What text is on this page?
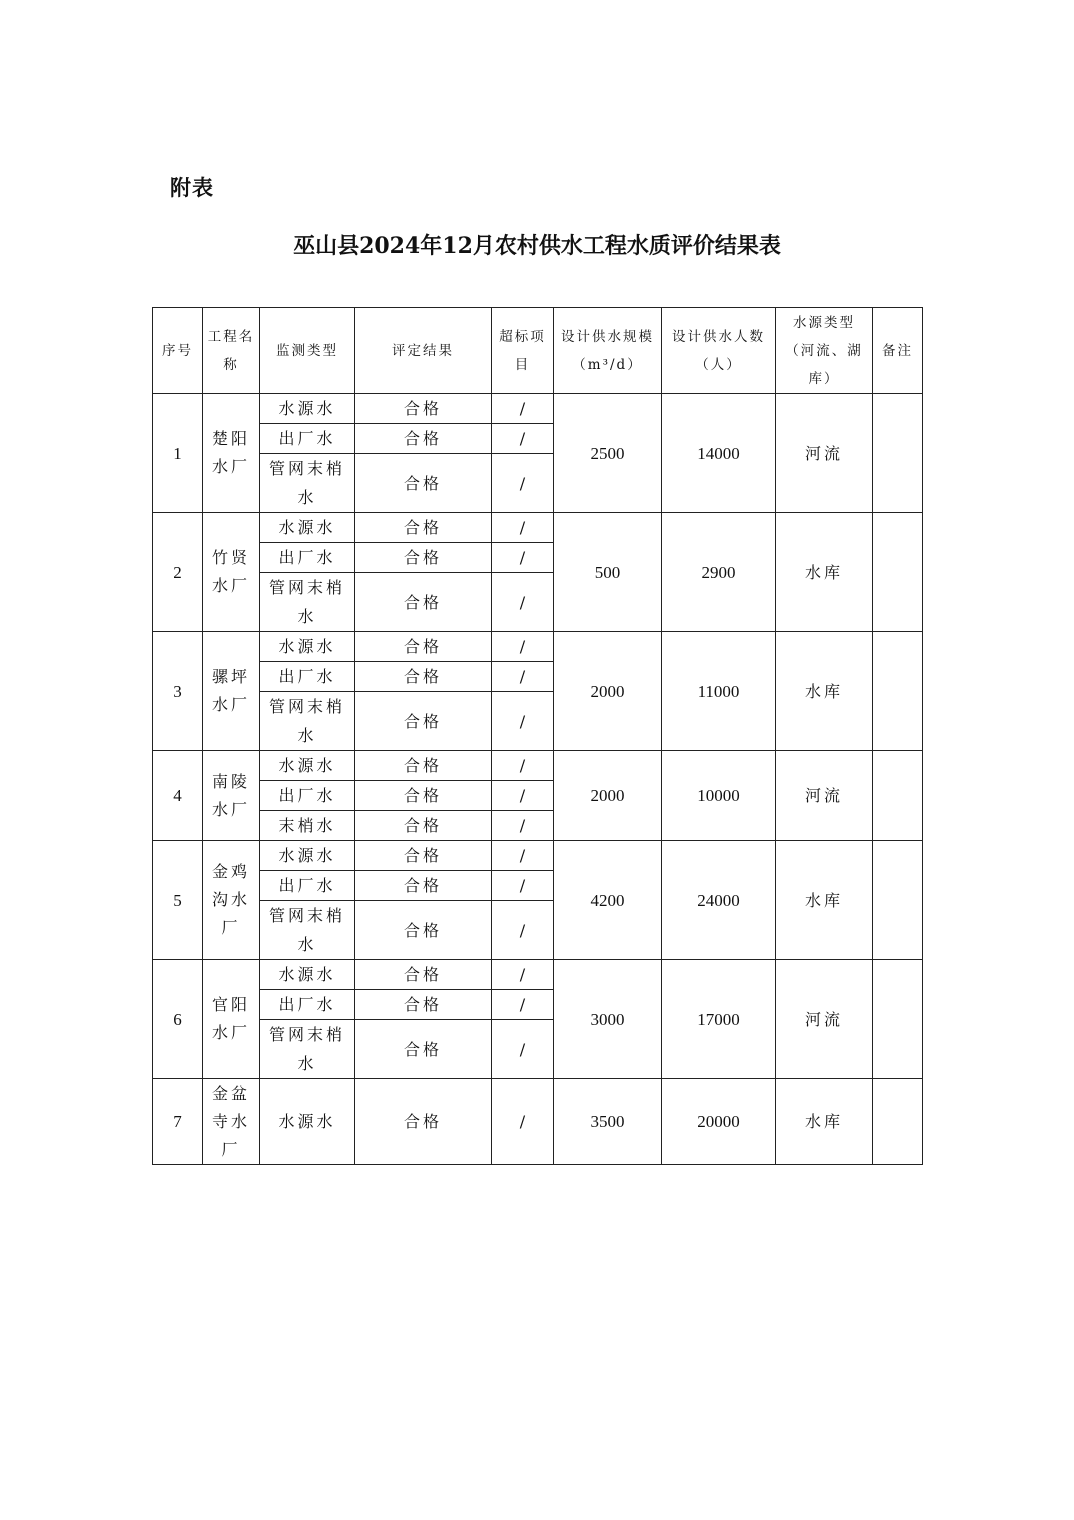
附表
巫山县2024年12月农村供水工程水质评价结果表
序号	工程名称	监测类型	评定结果	超标项目	设计供水规模（m³/d）	设计供水人数（人）	水源类型（河流、湖库）	备注
1	楚阳水厂	水源水	合格	/	2500	14000	河流	
		出厂水	合格	/				
		管网末梢水	合格	/				
2	竹贤水厂	水源水	合格	/	500	2900	水库	
		出厂水	合格	/				
		管网末梢水	合格	/				
3	骡坪水厂	水源水	合格	/	2000	11000	水库	
		出厂水	合格	/				
		管网末梢水	合格	/				
4	南陵水厂	水源水	合格	/	2000	10000	河流	
		出厂水	合格	/				
		末梢水	合格	/				
5	金鸡沟水厂	水源水	合格	/	4200	24000	水库	
		出厂水	合格	/				
		管网末梢水	合格	/				
6	官阳水厂	水源水	合格	/	3000	17000	河流	
		出厂水	合格	/				
		管网末梢水	合格	/				
7	金盆寺水厂	水源水	合格	/	3500	20000	水库	
